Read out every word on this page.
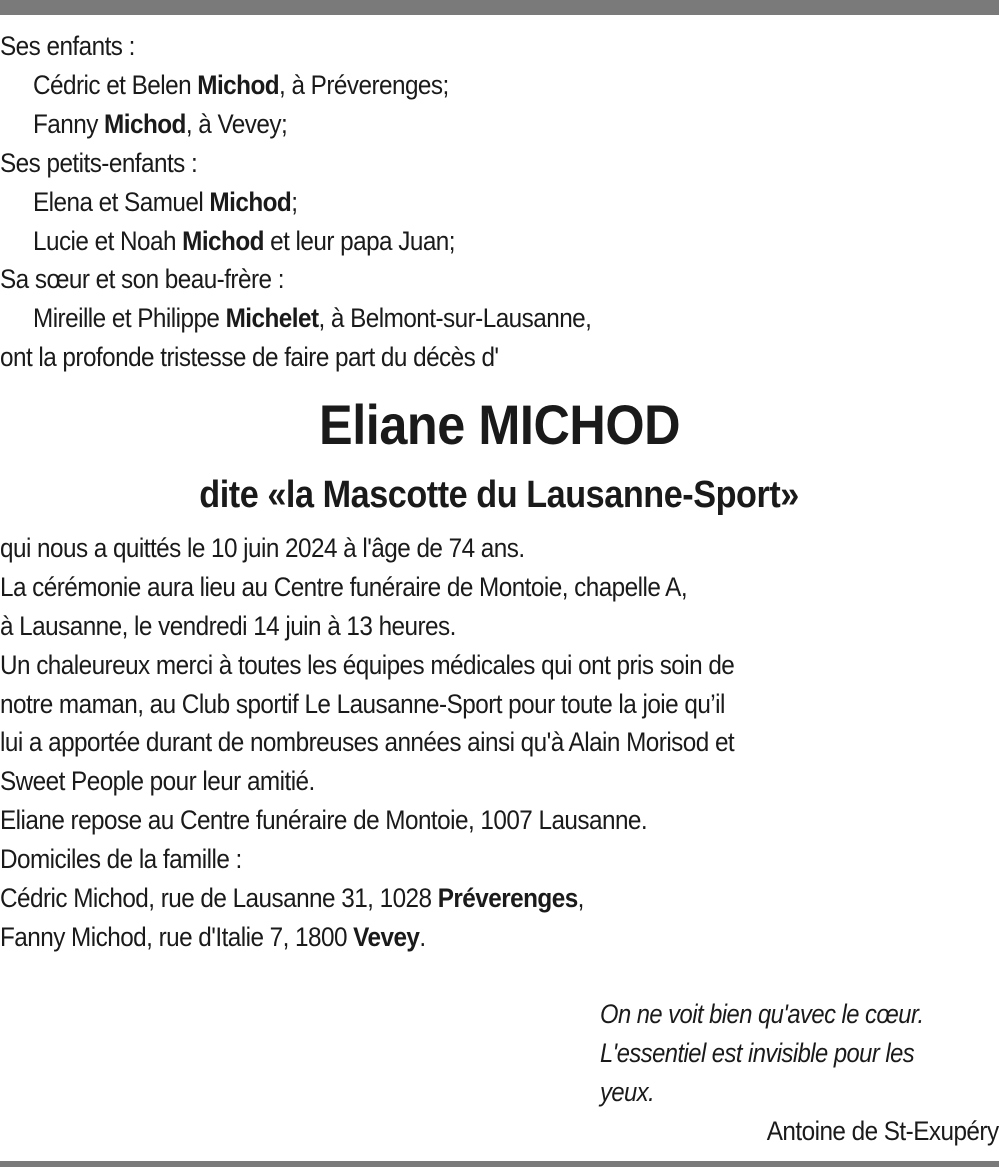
Ses enfants :
Cédric et Belen Michod, à Préverenges;
Fanny Michod, à Vevey;
Ses petits-enfants :
Elena et Samuel Michod;
Lucie et Noah Michod et leur papa Juan;
Sa sœur et son beau-frère :
Mireille et Philippe Michelet, à Belmont-sur-Lausanne,
ont la profonde tristesse de faire part du décès d'
Eliane MICHOD
dite «la Mascotte du Lausanne-Sport»
qui nous a quittés le 10 juin 2024 à l'âge de 74 ans.
La cérémonie aura lieu au Centre funéraire de Montoie, chapelle A,
à Lausanne, le vendredi 14 juin à 13 heures.
Un chaleureux merci à toutes les équipes médicales qui ont pris soin de
notre maman, au Club sportif Le Lausanne-Sport pour toute la joie qu’il
lui a apportée durant de nombreuses années ainsi qu'à Alain Morisod et
Sweet People pour leur amitié.
Eliane repose au Centre funéraire de Montoie, 1007 Lausanne.
Domiciles de la famille :
Cédric Michod, rue de Lausanne 31, 1028 Préverenges,
Fanny Michod, rue d'Italie 7, 1800 Vevey.
On ne voit bien qu'avec le cœur.
L'essentiel est invisible pour les
yeux.
Antoine de St-Exupéry
